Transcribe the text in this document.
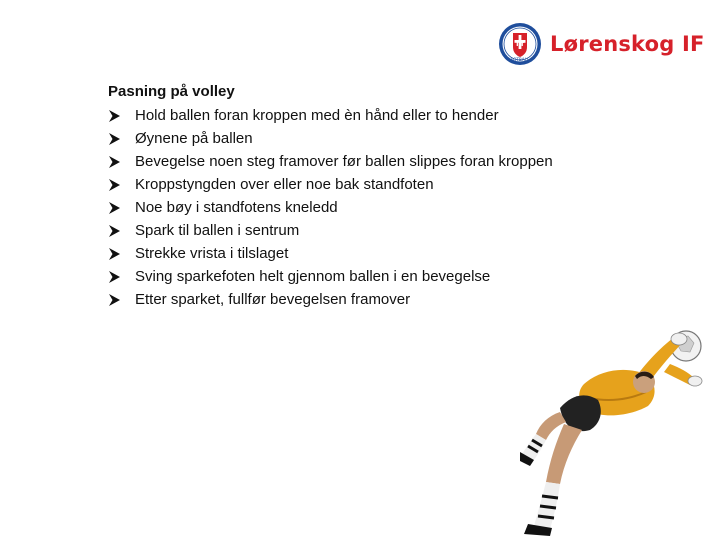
lif
FOTBALL
Lørenskog IF
Pasning på volley
Hold ballen foran kroppen med èn hånd eller to hender
Øynene på ballen
Bevegelse noen steg framover før ballen slippes foran kroppen
Kroppstyngden over eller noe bak standfoten
Noe bøy i standfotens kneledd
Spark til ballen i sentrum
Strekke vrista i tilslaget
Sving sparkefoten helt gjennom ballen i en bevegelse
Etter sparket, fullfør bevegelsen framover
